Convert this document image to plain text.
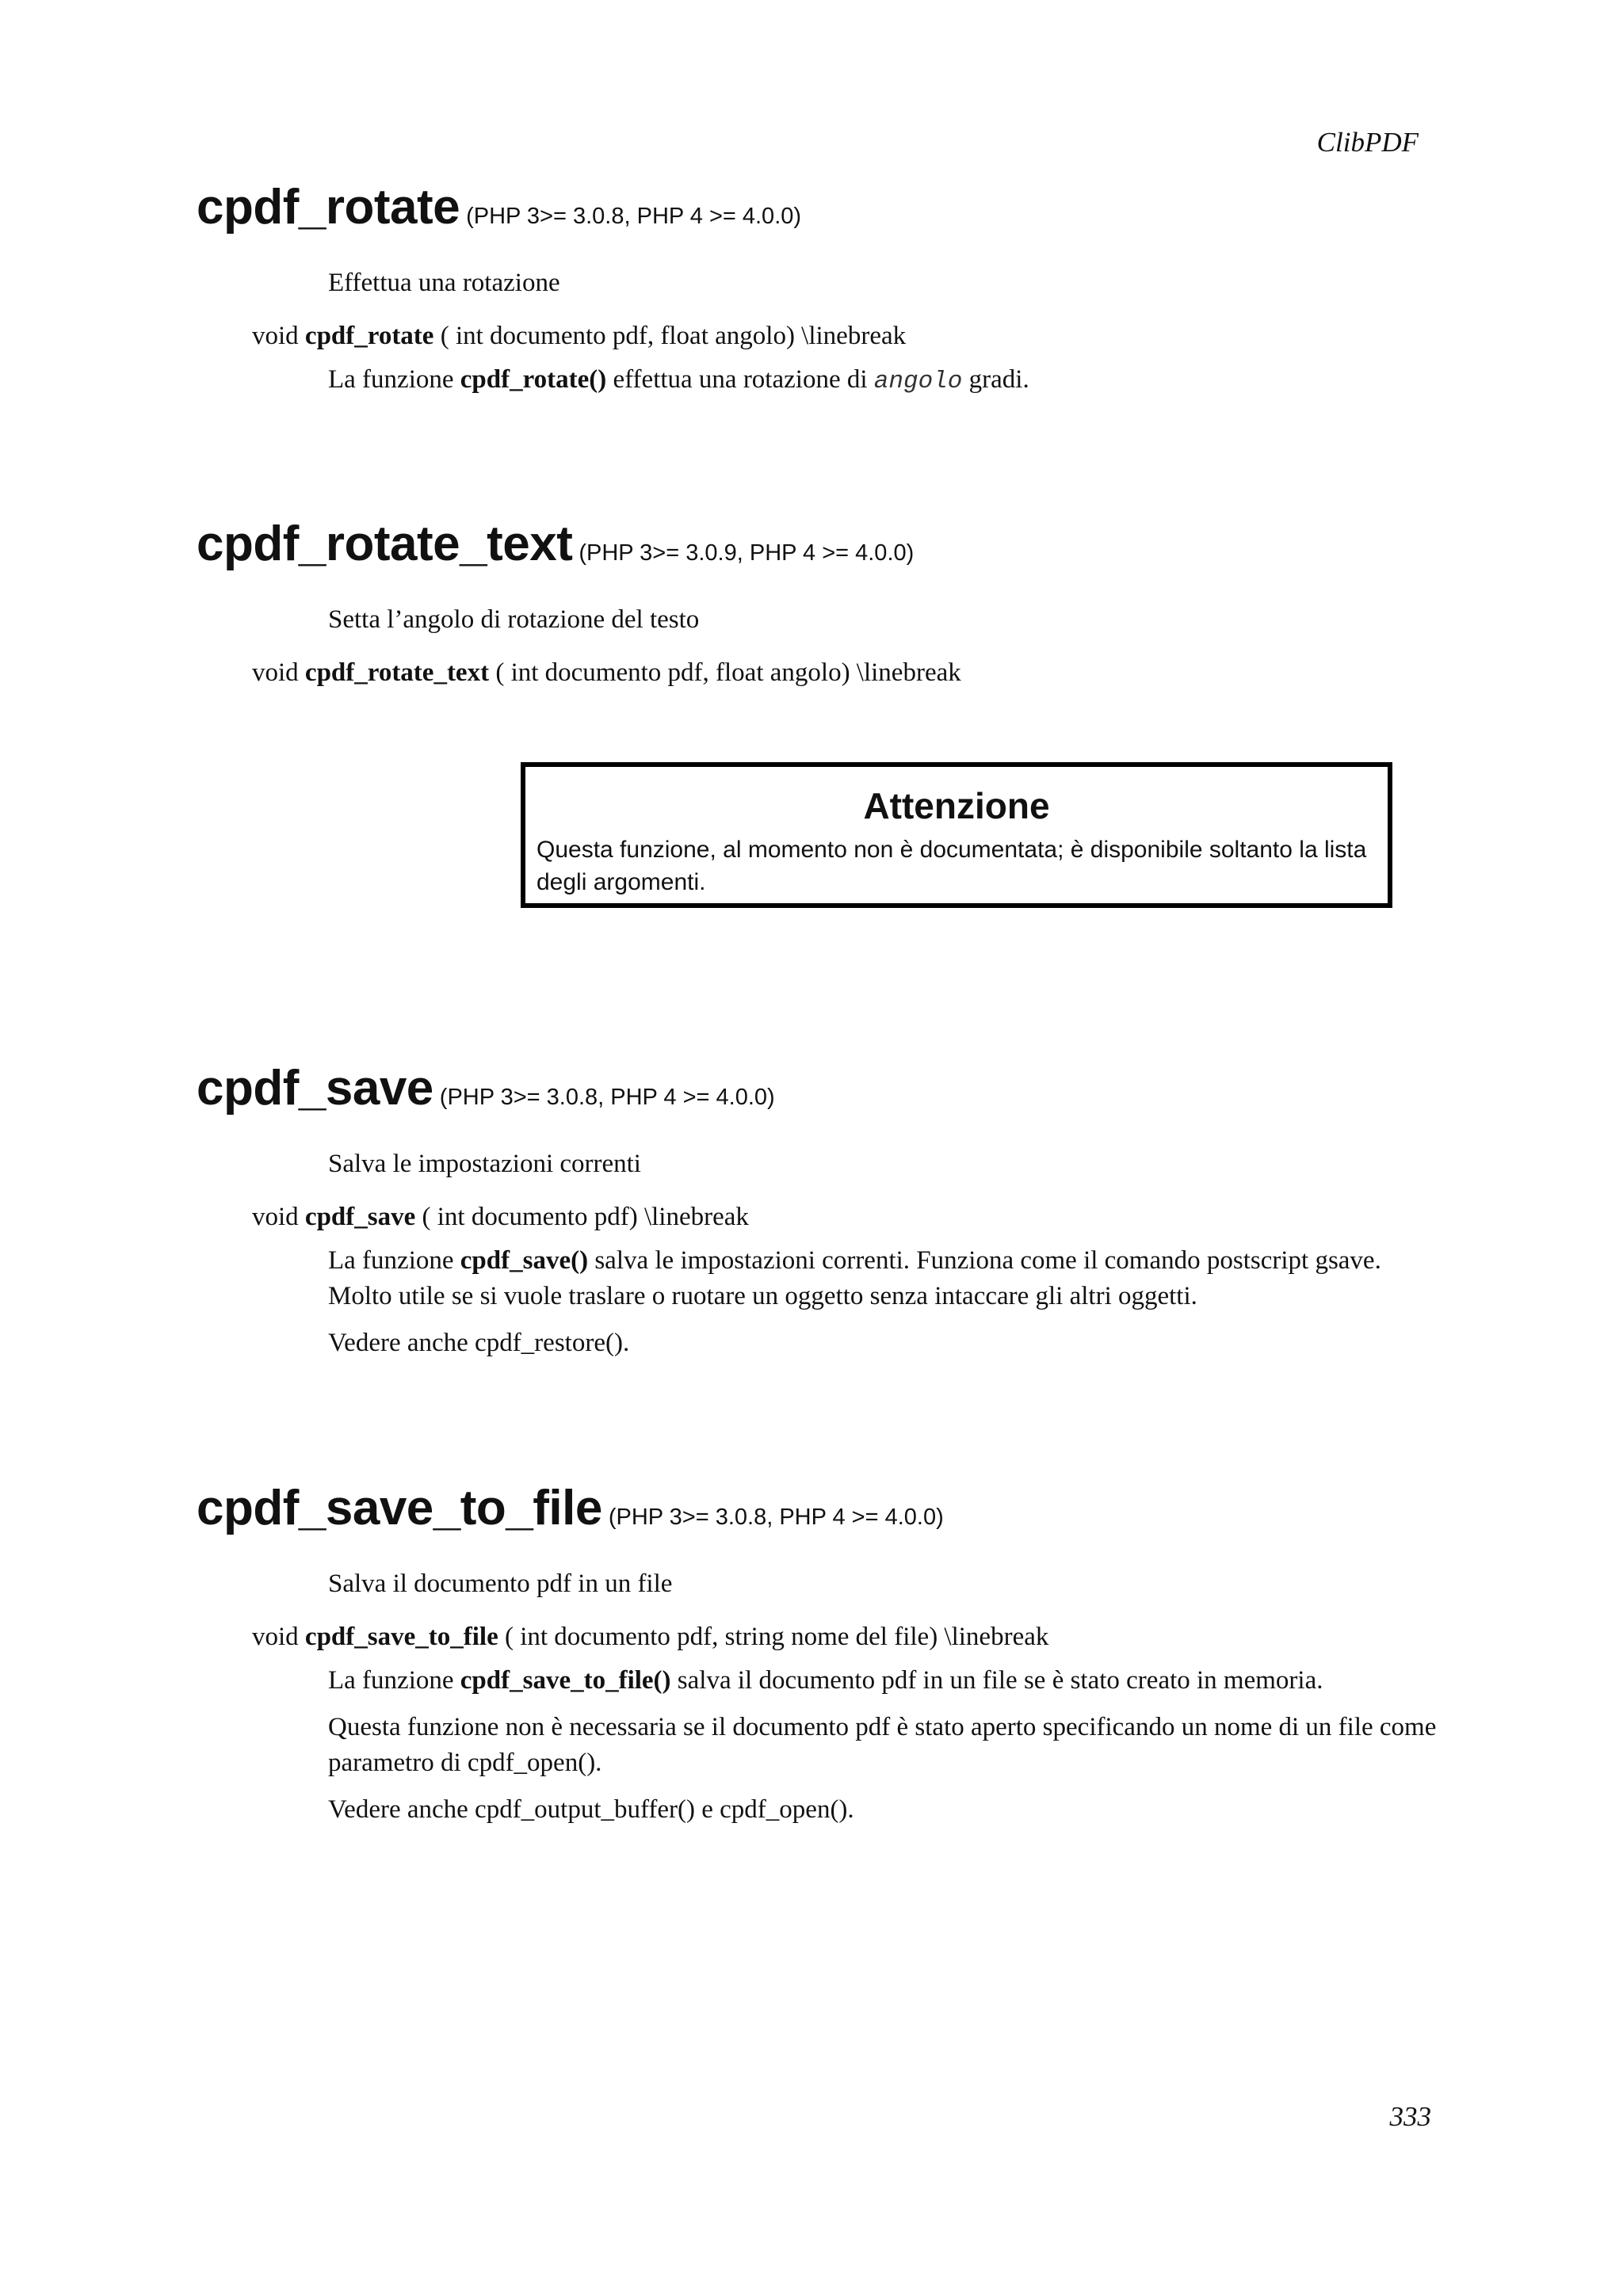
ClibPDF
cpdf_rotate (PHP 3>= 3.0.8, PHP 4 >= 4.0.0)
Effettua una rotazione
void cpdf_rotate ( int documento pdf, float angolo) \linebreak
La funzione cpdf_rotate() effettua una rotazione di angolo gradi.
cpdf_rotate_text (PHP 3>= 3.0.9, PHP 4 >= 4.0.0)
Setta l’angolo di rotazione del testo
void cpdf_rotate_text ( int documento pdf, float angolo) \linebreak
Attenzione
Questa funzione, al momento non è documentata; è disponibile soltanto la lista degli argomenti.
cpdf_save (PHP 3>= 3.0.8, PHP 4 >= 4.0.0)
Salva le impostazioni correnti
void cpdf_save ( int documento pdf) \linebreak
La funzione cpdf_save() salva le impostazioni correnti. Funziona come il comando postscript gsave. Molto utile se si vuole traslare o ruotare un oggetto senza intaccare gli altri oggetti.
Vedere anche cpdf_restore().
cpdf_save_to_file (PHP 3>= 3.0.8, PHP 4 >= 4.0.0)
Salva il documento pdf in un file
void cpdf_save_to_file ( int documento pdf, string nome del file) \linebreak
La funzione cpdf_save_to_file() salva il documento pdf in un file se è stato creato in memoria.
Questa funzione non è necessaria se il documento pdf è stato aperto specificando un nome di un file come parametro di cpdf_open().
Vedere anche cpdf_output_buffer() e cpdf_open().
333
